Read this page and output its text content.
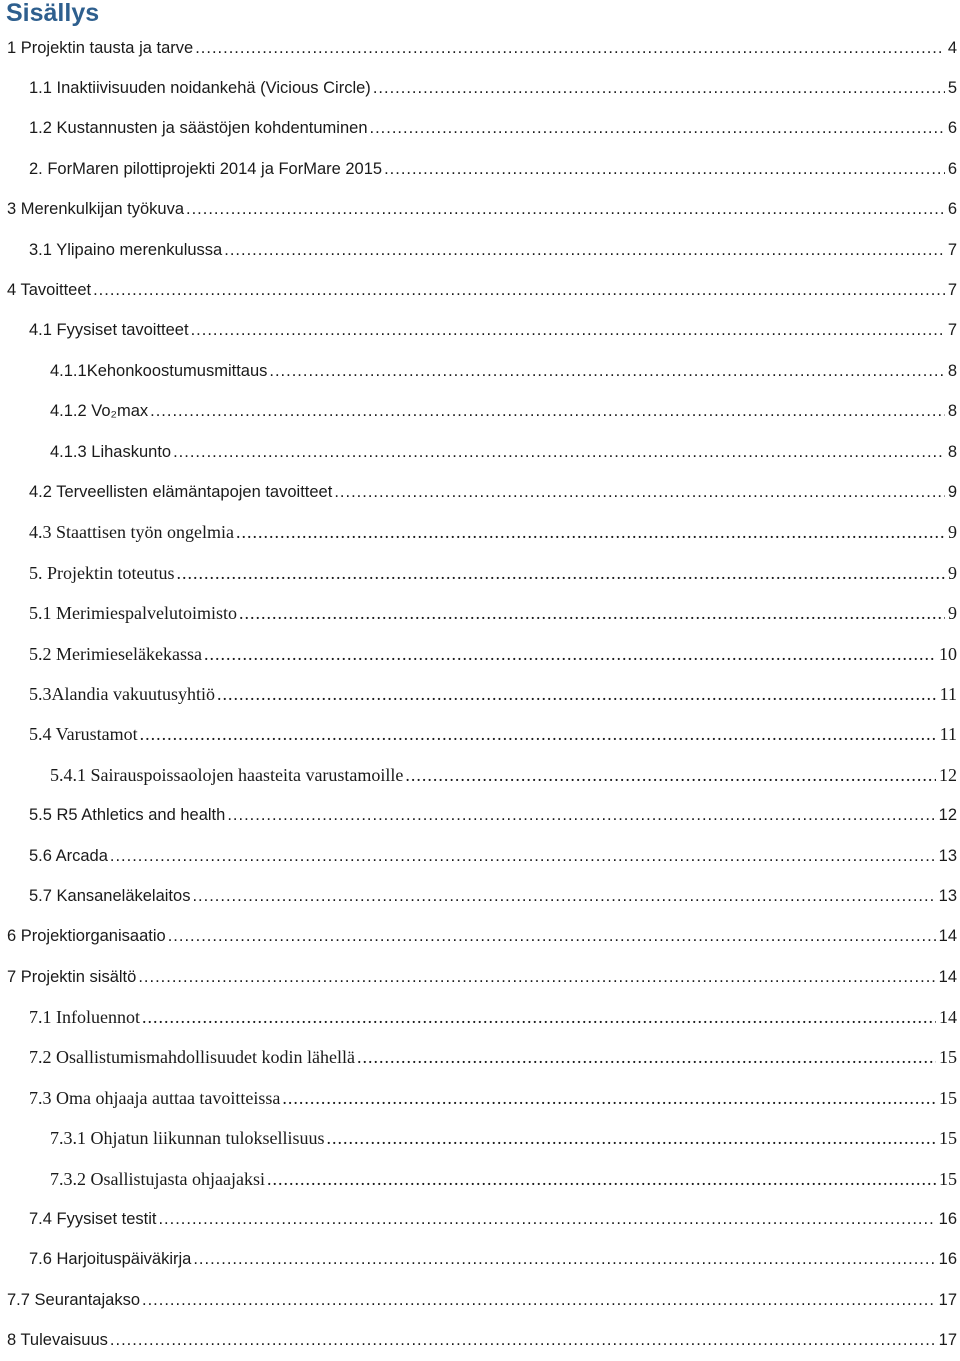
Sisällys
1 Projektin tausta ja tarve .....	4
1.1 Inaktiivisuuden noidankehä (Vicious Circle) .....	5
1.2 Kustannusten ja säästöjen kohdentuminen .....	6
2. ForMaren pilottiprojekti 2014 ja ForMare 2015 .....	6
3 Merenkulkijan työkuva .....	6
3.1 Ylipaino merenkulussa .....	7
4 Tavoitteet .....	7
4.1 Fyysiset tavoitteet .....	7
4.1.1Kehonkoostumusmittaus .....	8
4.1.2 Vo₂max .....	8
4.1.3 Lihaskunto .....	8
4.2 Terveellisten elämäntapojen tavoitteet .....	9
4.3 Staattisen työn ongelmia .....	9
5. Projektin toteutus .....	9
5.1 Merimiespalvelutoimisto .....	9
5.2 Merimieseläkekassa .....	10
5.3Alandia vakuutusyhtiö .....	11
5.4 Varustamot .....	11
5.4.1 Sairauspoissaolojen haasteita varustamoille .....	12
5.5 R5 Athletics and health .....	12
5.6 Arcada .....	13
5.7 Kansaneläkelaitos .....	13
6 Projektiorganisaatio .....	14
7 Projektin sisältö .....	14
7.1 Infoluennot .....	14
7.2 Osallistumismahdollisuudet kodin lähellä .....	15
7.3 Oma ohjaaja auttaa tavoitteissa .....	15
7.3.1 Ohjatun liikunnan tuloksellisuus .....	15
7.3.2 Osallistujasta ohjaajaksi .....	15
7.4 Fyysiset testit .....	16
7.6 Harjoituspäiväkirja .....	16
7.7 Seurantajakso .....	17
8 Tulevaisuus .....	17
